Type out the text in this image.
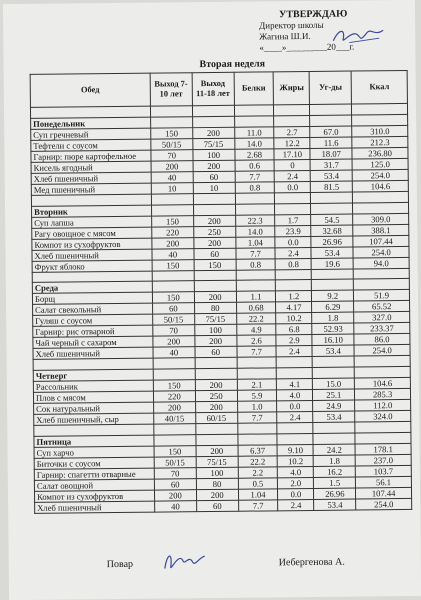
УТВЕРЖДАЮ
Директор школы
Жагина Ш.И.
«____»_________20___г.
Вторая неделя
Обед	Выход 7-10 лет	Выход 11-18 лет	Белки	Жиры	Уг-ды	Ккал

Понедельник						
Суп гречневый	150	200	11.0	2.7	67.0	310.0
Тефтели с соусом	50/15	75/15	14.0	12.2	11.6	212.3
Гарнир: пюре картофельное	70	100	2.68	17.10	18.07	236.80
Кисель ягодный	200	200	0.6	0	31.7	125.0
Хлеб пшеничный	40	60	7.7	2.4	53.4	254.0
Мед пшеничный	10	10	0.8	0.0	81.5	104.6

Вторник						
Суп лапша	150	200	22.3	1.7	54.5	309.0
Рагу овощное с мясом	220	250	14.0	23.9	32.68	388.1
Компот из сухофруктов	200	200	1.04	0.0	26.96	107.44
Хлеб пшеничный	40	60	7.7	2.4	53.4	254.0
Фрукт яблоко	150	150	0.8	0.8	19.6	94.0

Среда						
Борщ	150	200	1.1	1.2	9.2	51.9
Салат свекольный	60	80	0.68	4.17	6.29	65.52
Гуляш с соусом	50/15	75/15	22.2	10.2	1.8	327.0
Гарнир: рис отварной	70	100	4.9	6.8	52.93	233.37
Чай черный с сахаром	200	200	2.6	2.9	16.10	86.0
Хлеб пшеничный	40	60	7.7	2.4	53.4	254.0

Четверг						
Рассольник	150	200	2.1	4.1	15.0	104.6
Плов с мясом	220	250	5.9	4.0	25.1	285.3
Сок натуральный	200	200	1.0	0.0	24.9	112.0
Хлеб пшеничный, сыр	40/15	60/15	7.7	2.4	53.4	324.0

Пятница						
Суп харчо	150	200	6.37	9.10	24.2	178.1
Биточки с соусом	50/15	75/15	22.2	10.2	1.8	237.0
Гарнир: спагетти отварные	70	100	2.2	4.0	16.2	103.7
Салат овощной	60	80	0.5	2.0	1.5	56.1
Компот из сухофруктов	200	200	1.04	0.0	26.96	107.44
Хлеб пшеничный	40	60	7.7	2.4	53.4	254.0
Повар	Иебергенова А.
